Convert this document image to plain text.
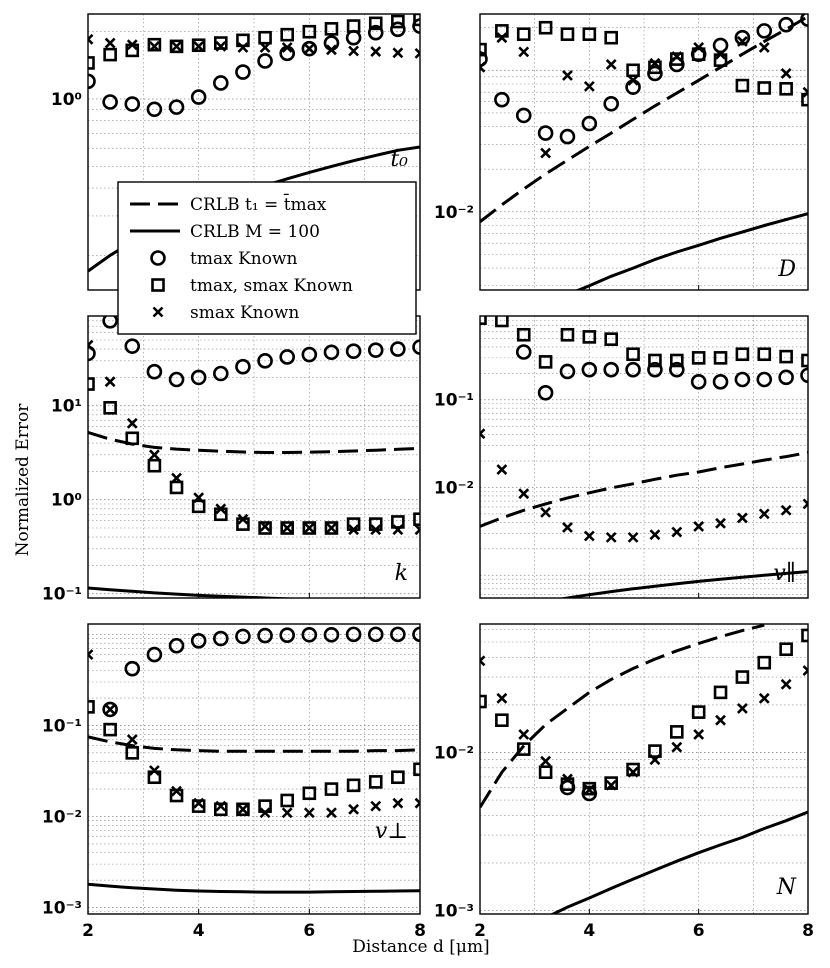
10⁰
t₀
10⁻²
D
10⁻¹
10⁰
10¹
k
10⁻²
10⁻¹
v∥
10⁻³
10⁻²
10⁻¹
2	4	6	8
v⊥
10⁻³
10⁻²
2	4	6	8
N
Normalized Error
Distance d [μm]
CRLB t₁ = t̄max
CRLB M = 100
tmax Known
tmax, smax Known
smax Known
